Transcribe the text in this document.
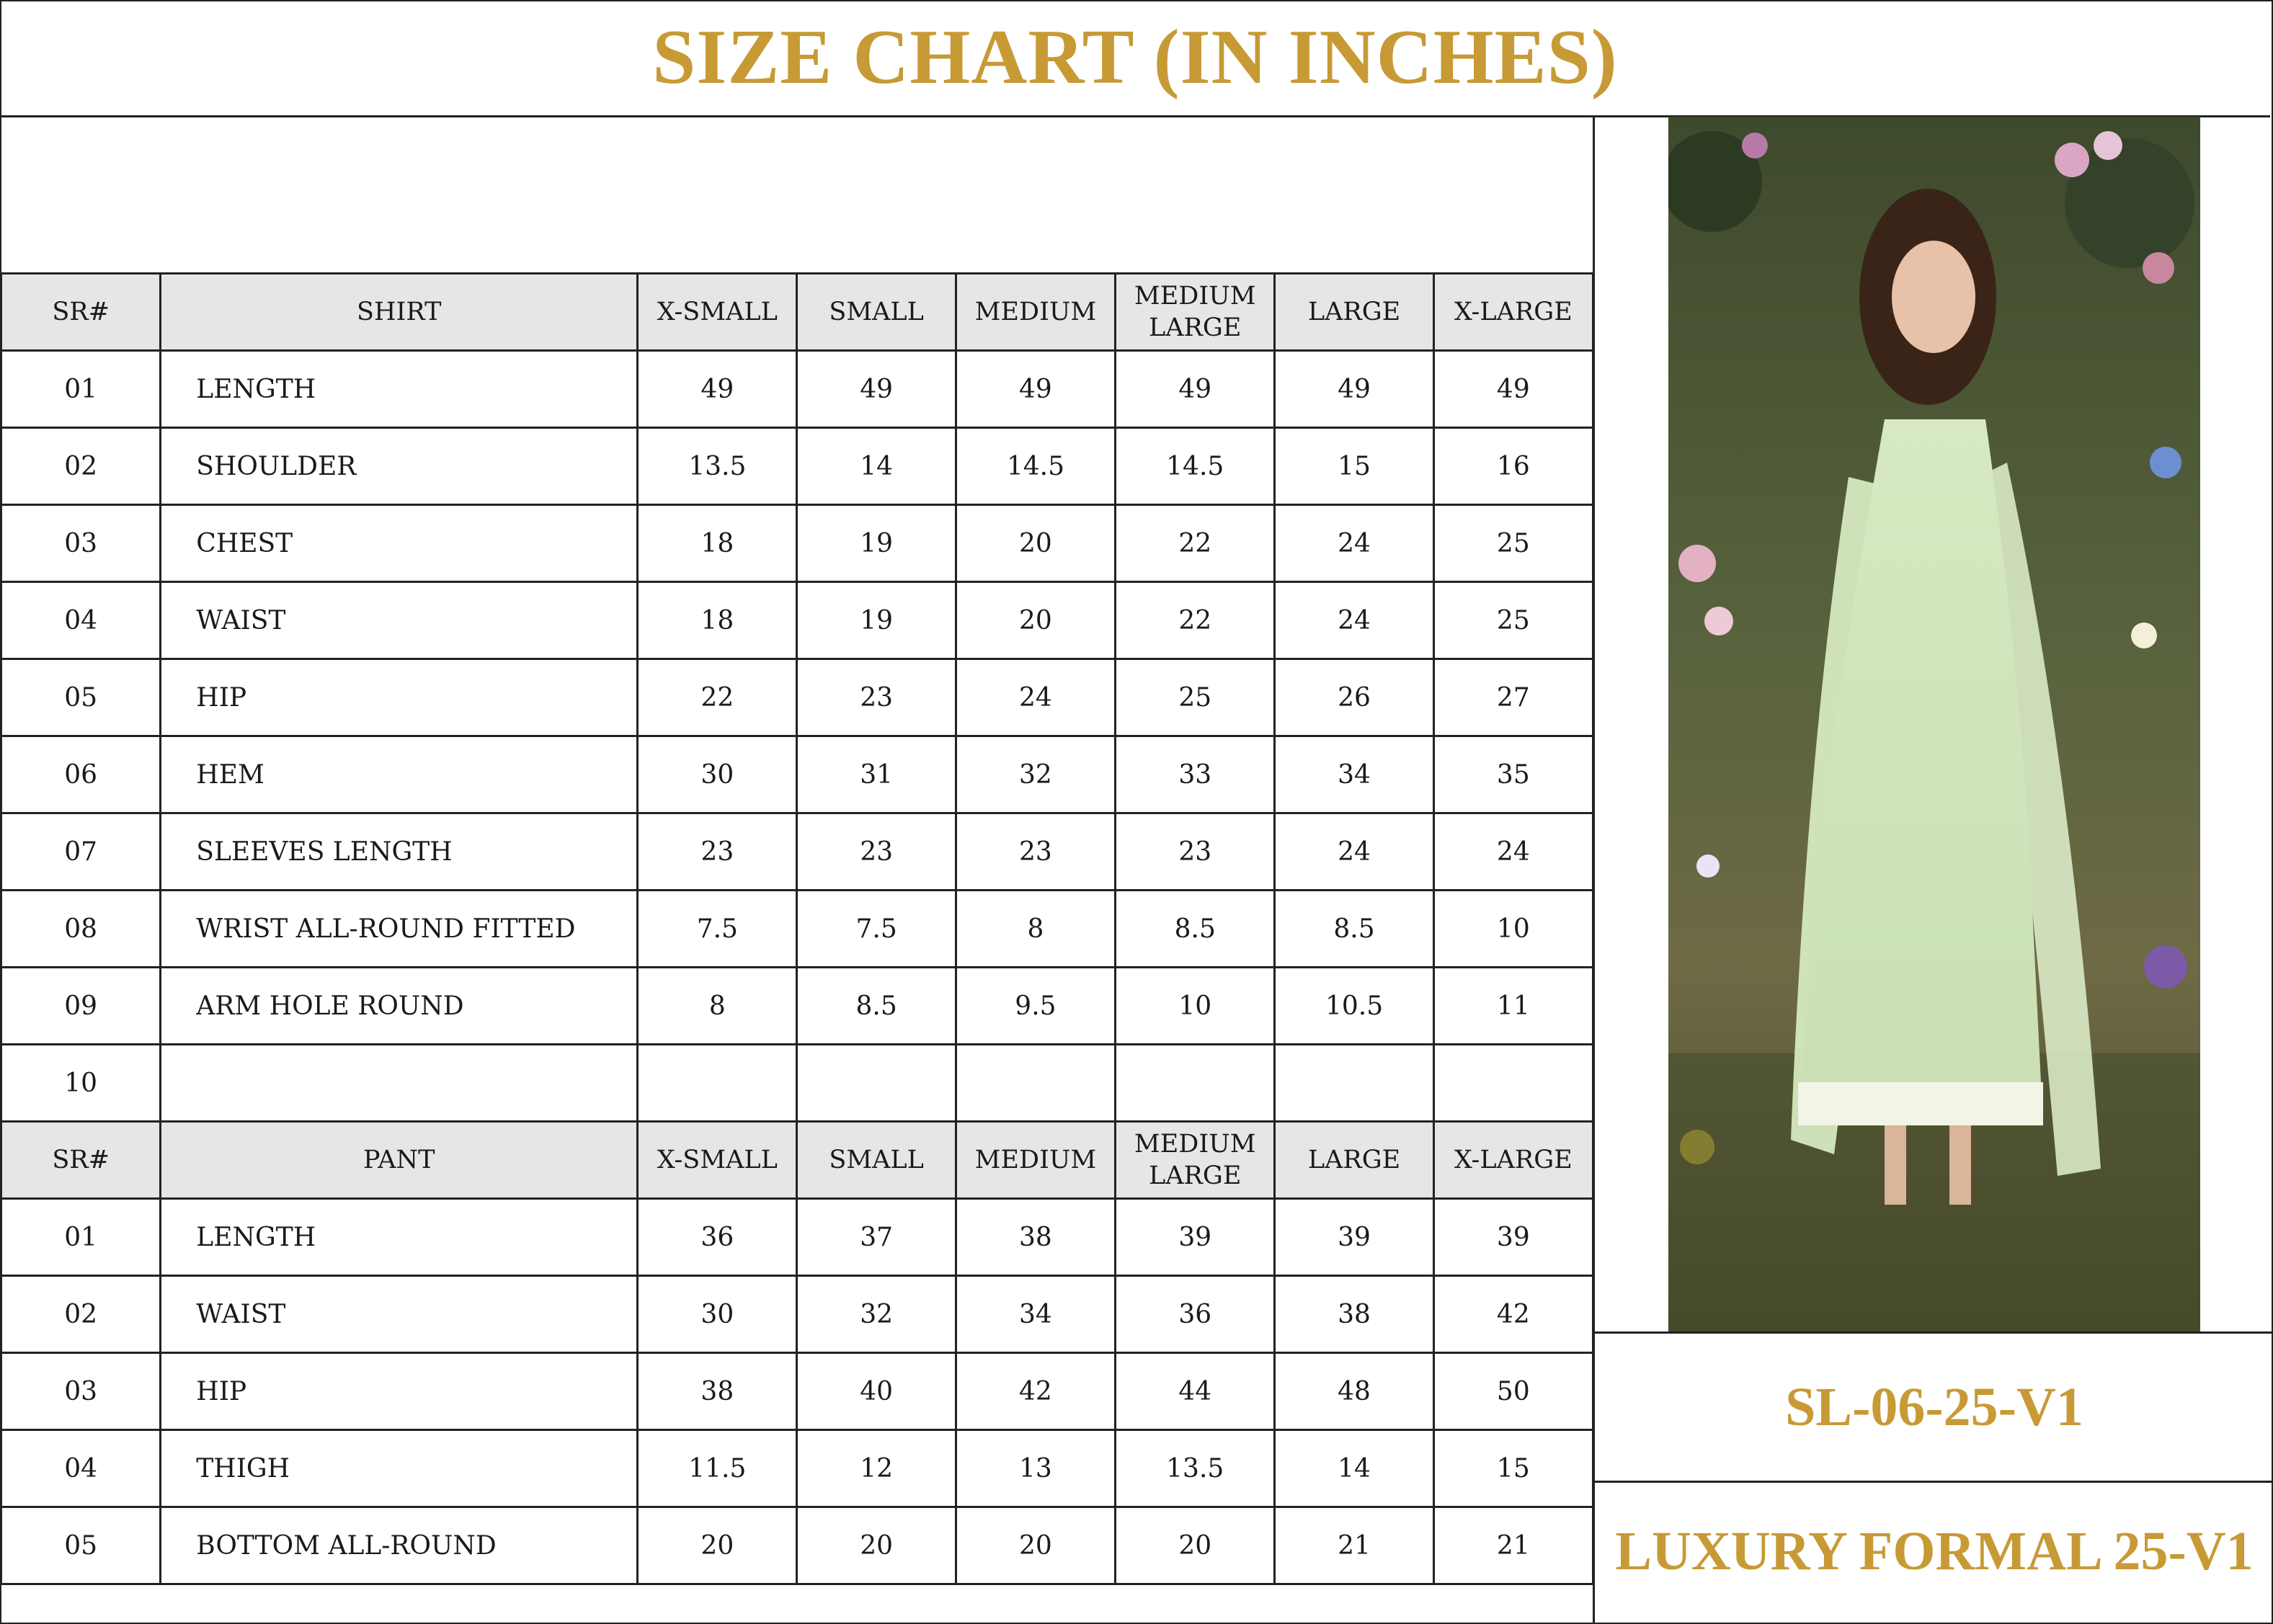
SIZE CHART (IN INCHES)
SR#	SHIRT	X-SMALL	SMALL	MEDIUM	MEDIUM LARGE	LARGE	X-LARGE
01	LENGTH	49	49	49	49	49	49
02	SHOULDER	13.5	14	14.5	14.5	15	16
03	CHEST	18	19	20	22	24	25
04	WAIST	18	19	20	22	24	25
05	HIP	22	23	24	25	26	27
06	HEM	30	31	32	33	34	35
07	SLEEVES LENGTH	23	23	23	23	24	24
08	WRIST ALL-ROUND FITTED	7.5	7.5	8	8.5	8.5	10
09	ARM HOLE ROUND	8	8.5	9.5	10	10.5	11
10							
SR#	PANT	X-SMALL	SMALL	MEDIUM	MEDIUM LARGE	LARGE	X-LARGE
01	LENGTH	36	37	38	39	39	39
02	WAIST	30	32	34	36	38	42
03	HIP	38	40	42	44	48	50
04	THIGH	11.5	12	13	13.5	14	15
05	BOTTOM ALL-ROUND	20	20	20	20	21	21
SL-06-25-V1
LUXURY FORMAL 25-V1
